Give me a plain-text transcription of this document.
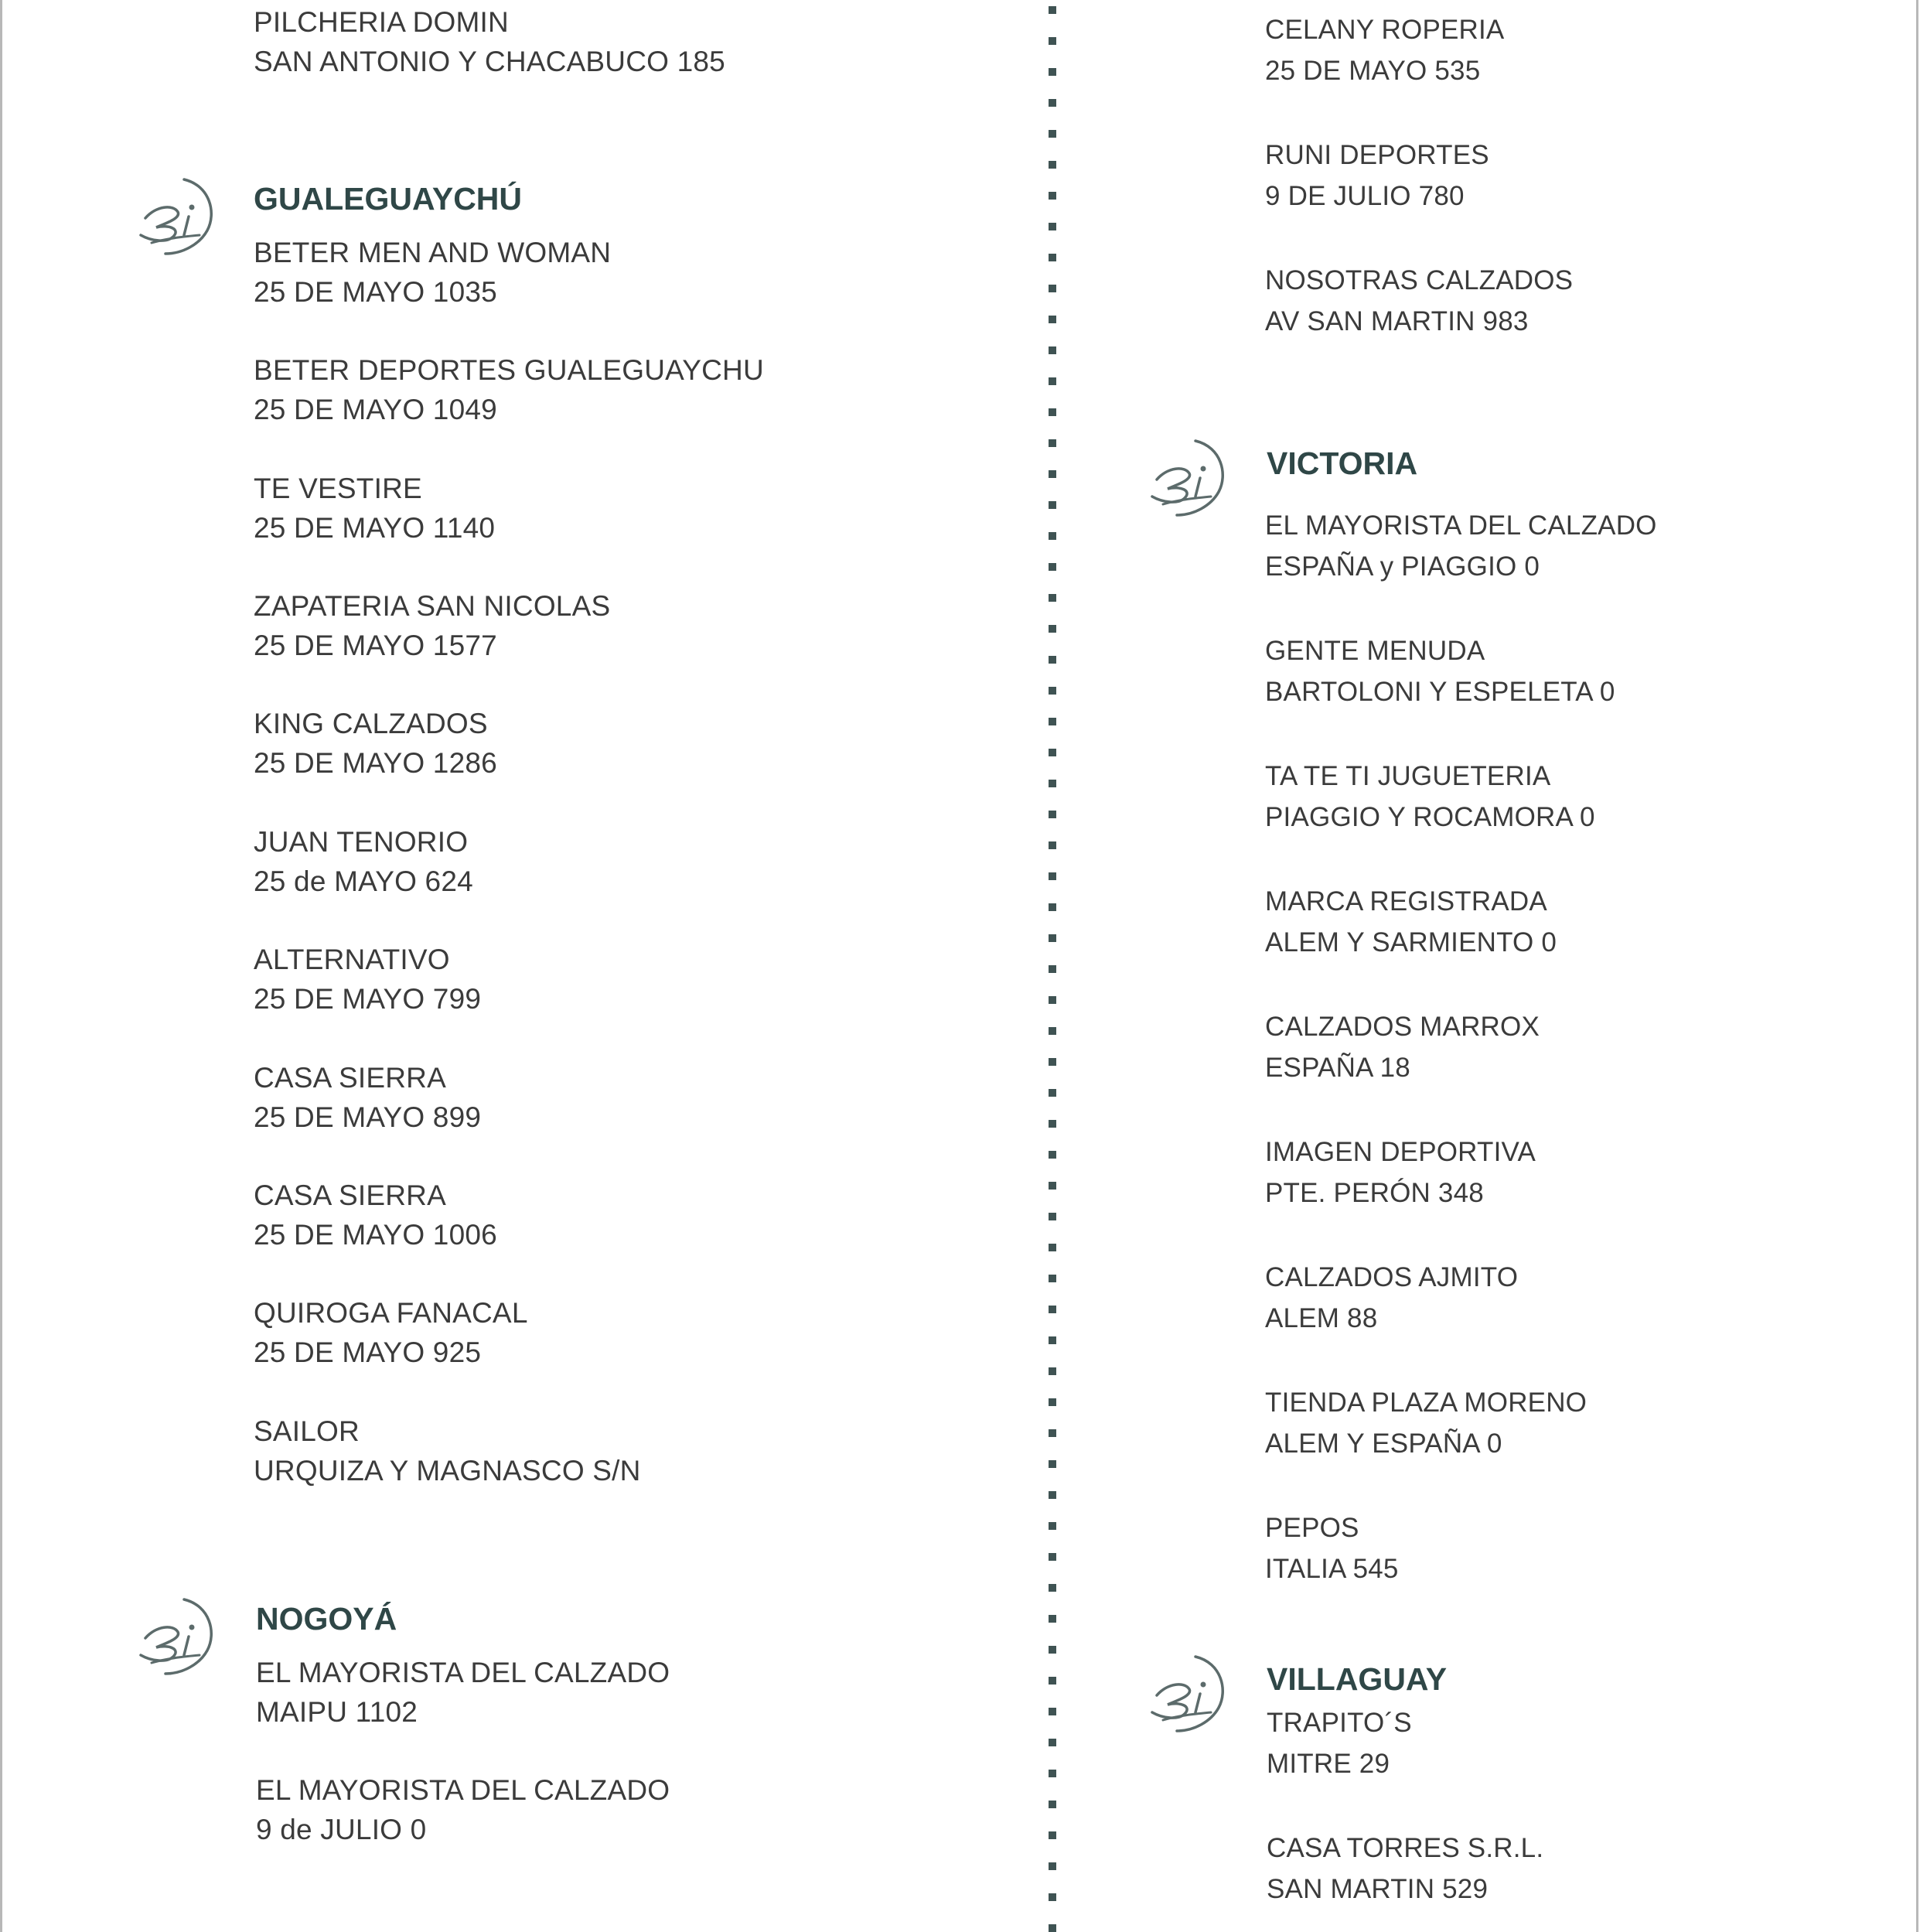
PILCHERIA DOMIN
SAN ANTONIO Y CHACABUCO 185
GUALEGUAYCHÚ
BETER MEN AND WOMAN
25 DE MAYO 1035
BETER DEPORTES GUALEGUAYCHU
25 DE MAYO 1049
TE VESTIRE
25 DE MAYO 1140
ZAPATERIA SAN NICOLAS
25 DE MAYO 1577
KING CALZADOS
25 DE MAYO 1286
JUAN TENORIO
25 de MAYO 624
ALTERNATIVO
25 DE MAYO 799
CASA SIERRA
25 DE MAYO 899
CASA SIERRA
25 DE MAYO 1006
QUIROGA FANACAL
25 DE MAYO 925
SAILOR
URQUIZA Y MAGNASCO S/N
NOGOYÁ
EL MAYORISTA DEL CALZADO
MAIPU 1102
EL MAYORISTA DEL CALZADO
9 de JULIO 0
CELANY ROPERIA
25 DE MAYO 535
RUNI DEPORTES
9 DE JULIO 780
NOSOTRAS CALZADOS
AV SAN MARTIN 983
VICTORIA
EL MAYORISTA DEL CALZADO
ESPAÑA y PIAGGIO 0
GENTE MENUDA
BARTOLONI Y ESPELETA 0
TA TE TI JUGUETERIA
PIAGGIO Y ROCAMORA 0
MARCA REGISTRADA
ALEM Y SARMIENTO 0
CALZADOS MARROX
ESPAÑA 18
IMAGEN DEPORTIVA
PTE. PERÓN 348
CALZADOS AJMITO
ALEM 88
TIENDA PLAZA MORENO
ALEM Y ESPAÑA 0
PEPOS
ITALIA 545
VILLAGUAY
TRAPITO´S
MITRE 29
CASA TORRES S.R.L.
SAN MARTIN 529
